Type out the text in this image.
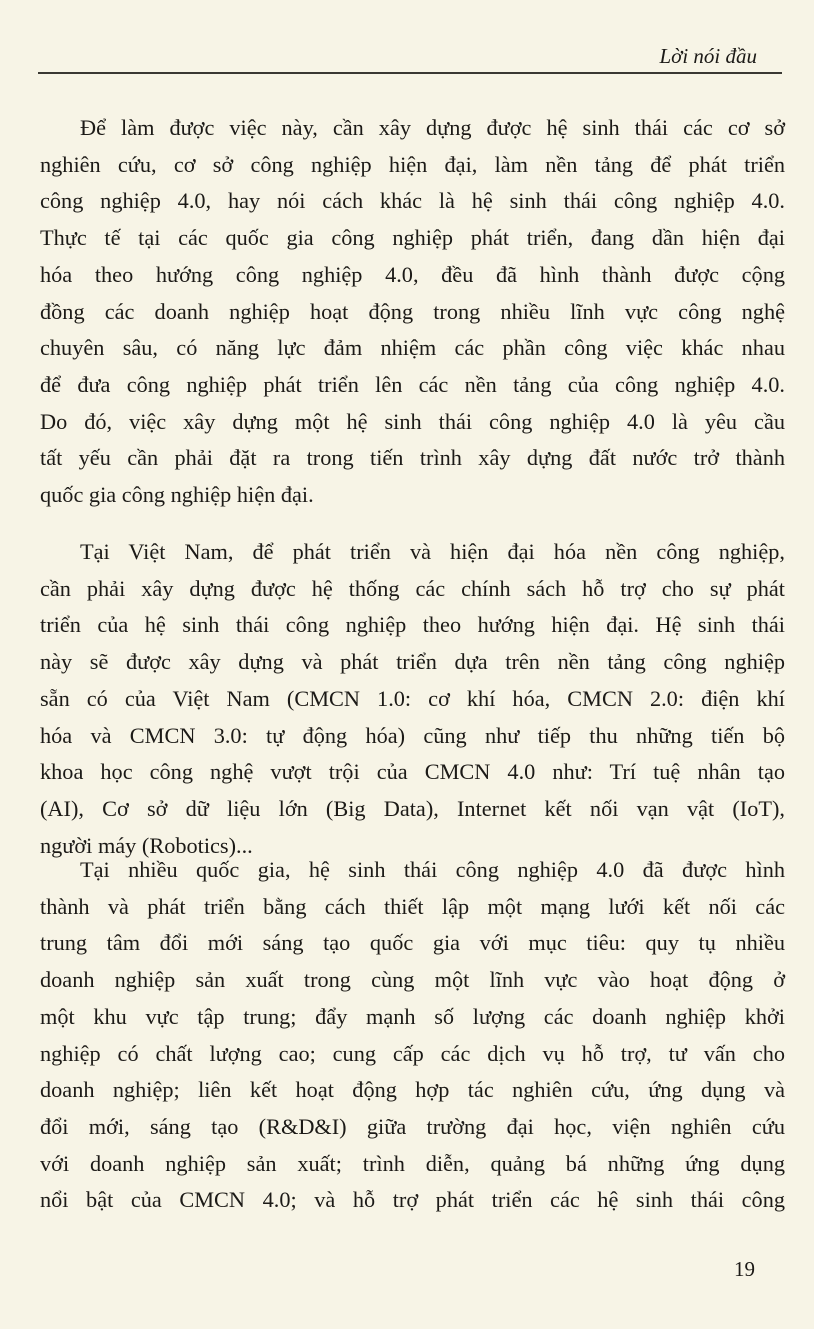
Lời nói đầu
Để làm được việc này, cần xây dựng được hệ sinh thái các cơ sở
nghiên cứu, cơ sở công nghiệp hiện đại, làm nền tảng để phát triển
công nghiệp 4.0, hay nói cách khác là hệ sinh thái công nghiệp 4.0.
Thực tế tại các quốc gia công nghiệp phát triển, đang dần hiện đại
hóa theo hướng công nghiệp 4.0, đều đã hình thành được cộng
đồng các doanh nghiệp hoạt động trong nhiều lĩnh vực công nghệ
chuyên sâu, có năng lực đảm nhiệm các phần công việc khác nhau
để đưa công nghiệp phát triển lên các nền tảng của công nghiệp 4.0.
Do đó, việc xây dựng một hệ sinh thái công nghiệp 4.0 là yêu cầu
tất yếu cần phải đặt ra trong tiến trình xây dựng đất nước trở thành
quốc gia công nghiệp hiện đại.
Tại Việt Nam, để phát triển và hiện đại hóa nền công nghiệp,
cần phải xây dựng được hệ thống các chính sách hỗ trợ cho sự phát
triển của hệ sinh thái công nghiệp theo hướng hiện đại. Hệ sinh thái
này sẽ được xây dựng và phát triển dựa trên nền tảng công nghiệp
sẵn có của Việt Nam (CMCN 1.0: cơ khí hóa, CMCN 2.0: điện khí
hóa và CMCN 3.0: tự động hóa) cũng như tiếp thu những tiến bộ
khoa học công nghệ vượt trội của CMCN 4.0 như: Trí tuệ nhân tạo
(AI), Cơ sở dữ liệu lớn (Big Data), Internet kết nối vạn vật (IoT),
người máy (Robotics)...
Tại nhiều quốc gia, hệ sinh thái công nghiệp 4.0 đã được hình
thành và phát triển bằng cách thiết lập một mạng lưới kết nối các
trung tâm đổi mới sáng tạo quốc gia với mục tiêu: quy tụ nhiều
doanh nghiệp sản xuất trong cùng một lĩnh vực vào hoạt động ở
một khu vực tập trung; đẩy mạnh số lượng các doanh nghiệp khởi
nghiệp có chất lượng cao; cung cấp các dịch vụ hỗ trợ, tư vấn cho
doanh nghiệp; liên kết hoạt động hợp tác nghiên cứu, ứng dụng và
đổi mới, sáng tạo (R&D&I) giữa trường đại học, viện nghiên cứu
với doanh nghiệp sản xuất; trình diễn, quảng bá những ứng dụng
nổi bật của CMCN 4.0; và hỗ trợ phát triển các hệ sinh thái công
19
